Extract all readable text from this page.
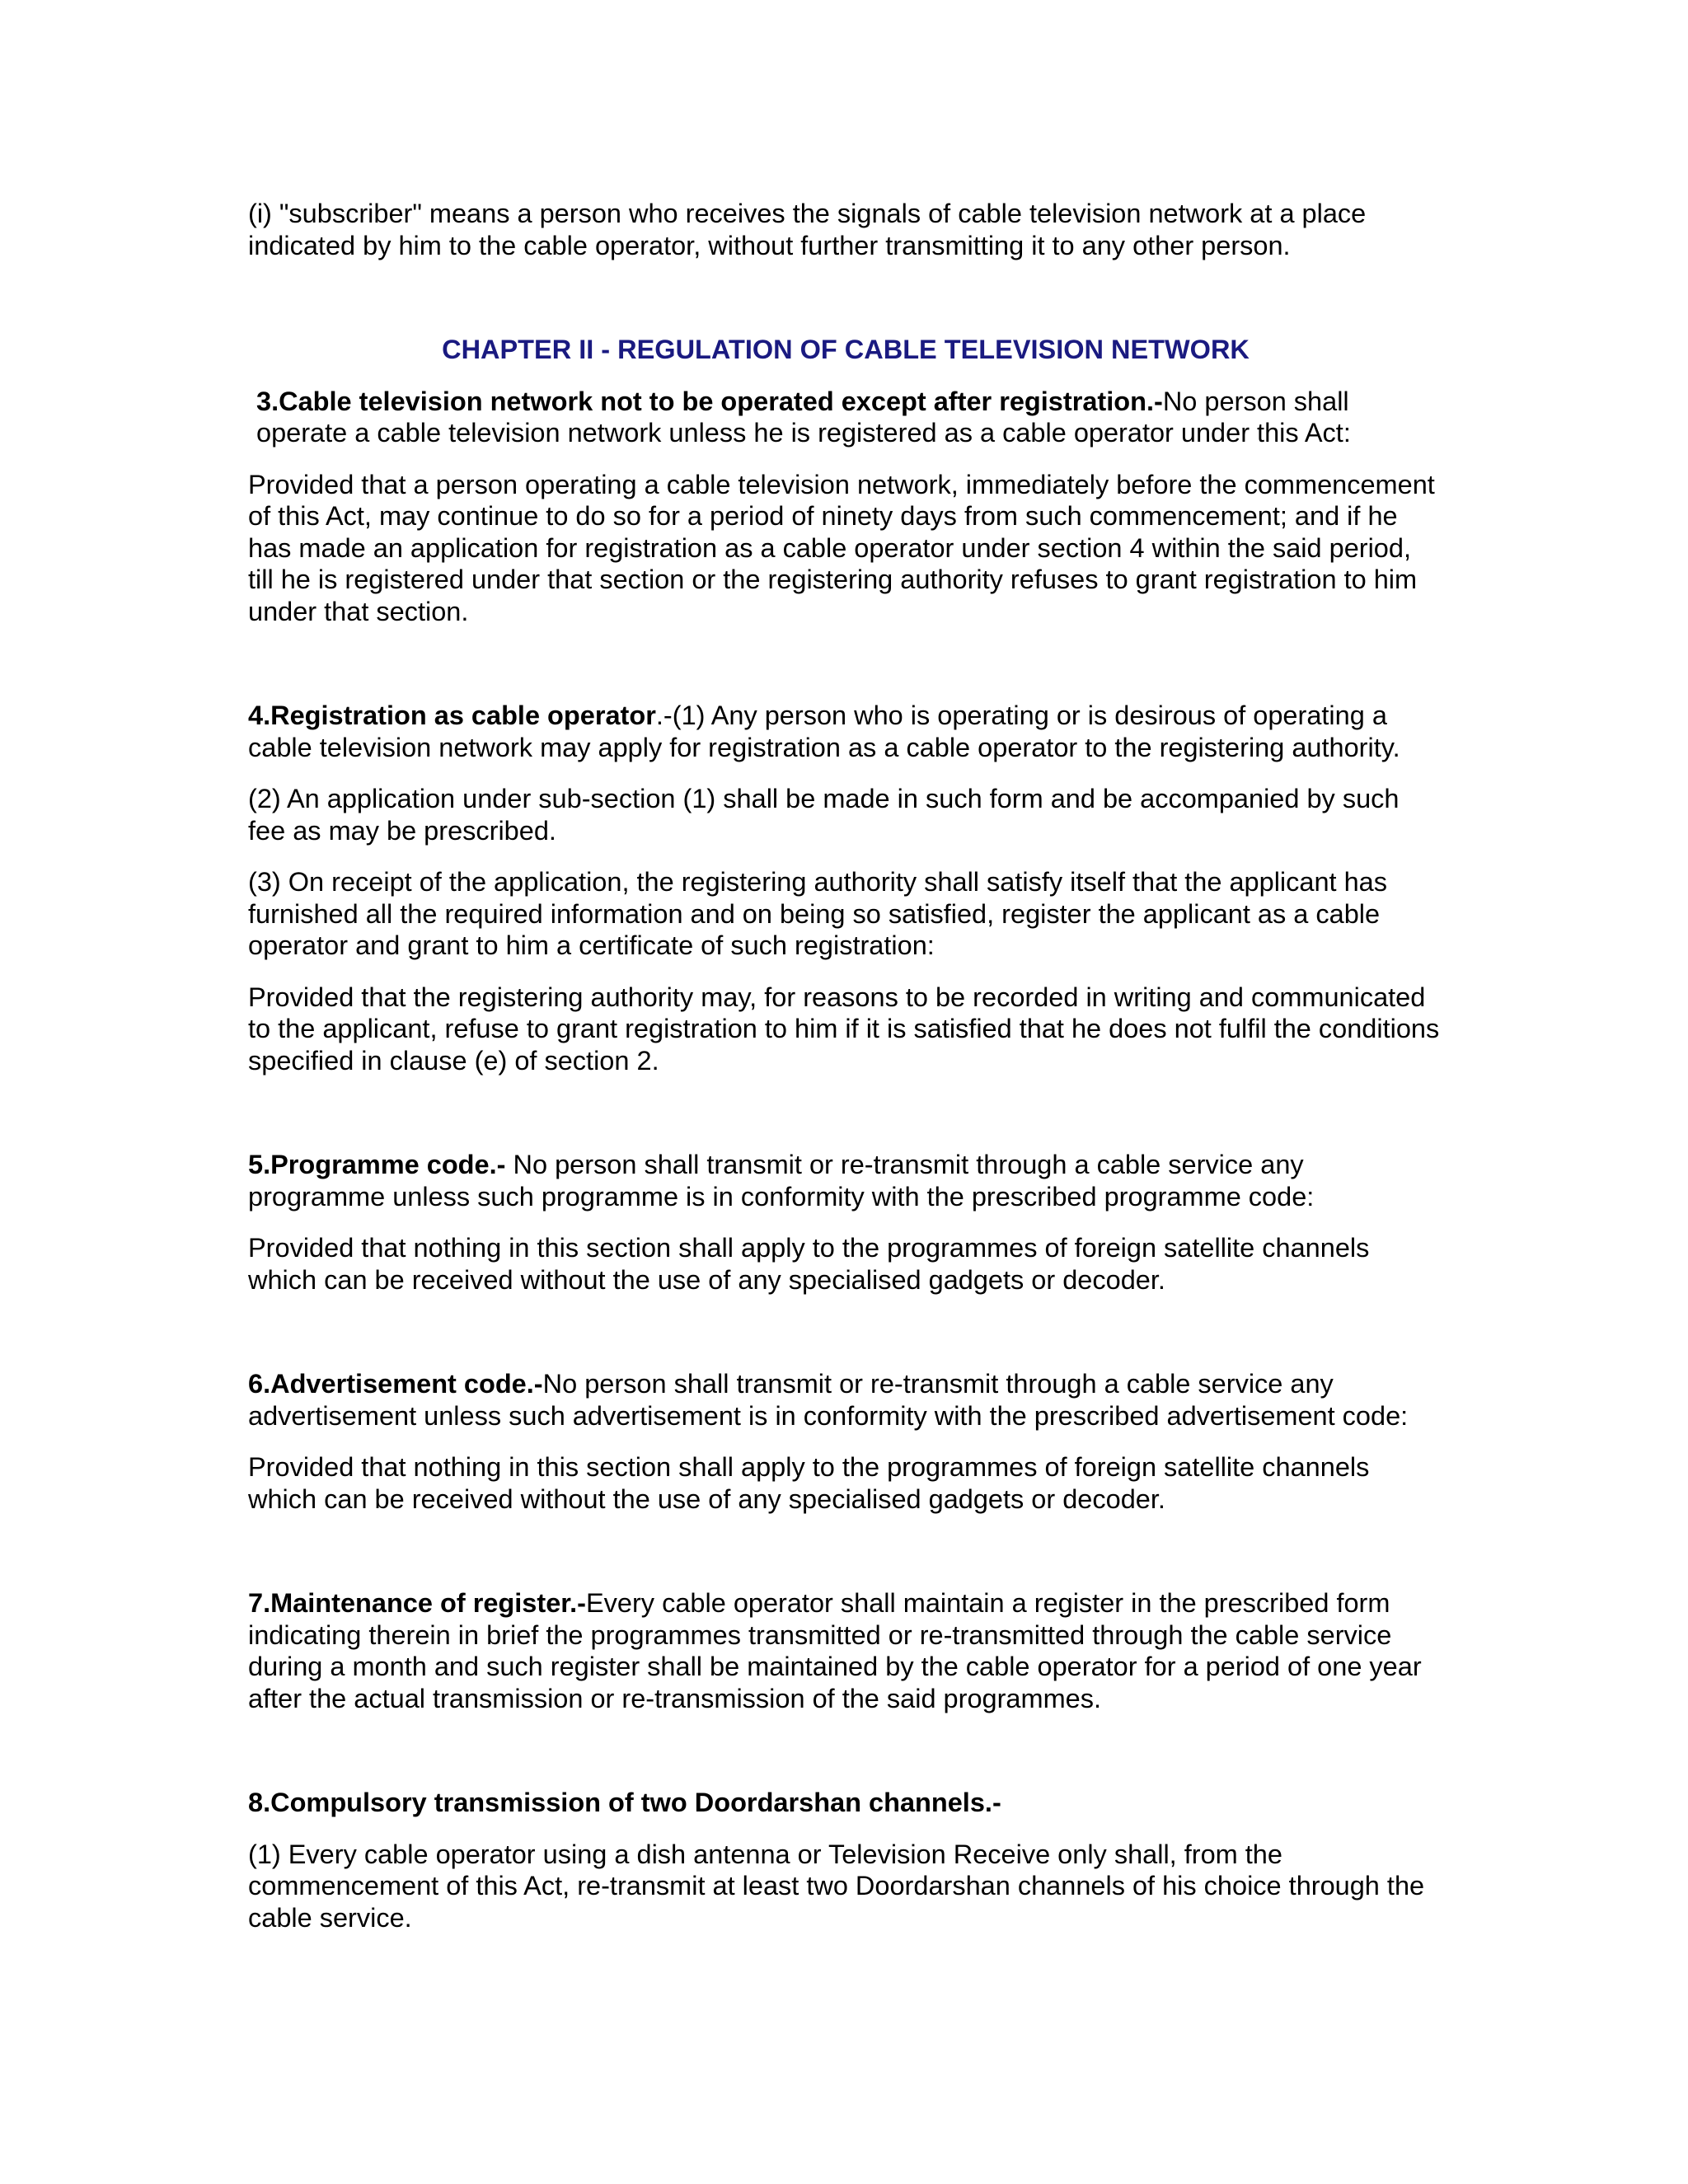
(i) "subscriber" means a person who receives the signals of cable television network at a place indicated by him to the cable operator, without further transmitting it to any other person.

CHAPTER II - REGULATION OF CABLE TELEVISION NETWORK

3.Cable television network not to be operated except after registration.-No person shall operate a cable television network unless he is registered as a cable operator under this Act:

Provided that a person operating a cable television network, immediately before the commencement of this Act, may continue to do so for a period of ninety days from such commencement; and if he has made an application for registration as a cable operator under section 4 within the said period, till he is registered under that section or the registering authority refuses to grant registration to him under that section.

4.Registration as cable operator.-(1) Any person who is operating or is desirous of operating a cable television network may apply for registration as a cable operator to the registering authority.

(2) An application under sub-section (1) shall be made in such form and be accompanied by such fee as may be prescribed.

(3) On receipt of the application, the registering authority shall satisfy itself that the applicant has furnished all the required information and on being so satisfied, register the applicant as a cable operator and grant to him a certificate of such registration:

Provided that the registering authority may, for reasons to be recorded in writing and communicated to the applicant, refuse to grant registration to him if it is satisfied that he does not fulfil the conditions specified in clause (e) of section 2.

5.Programme code.- No person shall transmit or re-transmit through a cable service any programme unless such programme is in conformity with the prescribed programme code:

Provided that nothing in this section shall apply to the programmes of foreign satellite channels which can be received without the use of any specialised gadgets or decoder.

6.Advertisement code.-No person shall transmit or re-transmit through a cable service any advertisement unless such advertisement is in conformity with the prescribed advertisement code:

Provided that nothing in this section shall apply to the programmes of foreign satellite channels which can be received without the use of any specialised gadgets or decoder.

7.Maintenance of register.-Every cable operator shall maintain a register in the prescribed form indicating therein in brief the programmes transmitted or re-transmitted through the cable service during a month and such register shall be maintained by the cable operator for a period of one year after the actual transmission or re-transmission of the said programmes.

8.Compulsory transmission of two Doordarshan channels.-

(1) Every cable operator using a dish antenna or Television Receive only shall, from the commencement of this Act, re-transmit at least two Doordarshan channels of his choice through the cable service.
